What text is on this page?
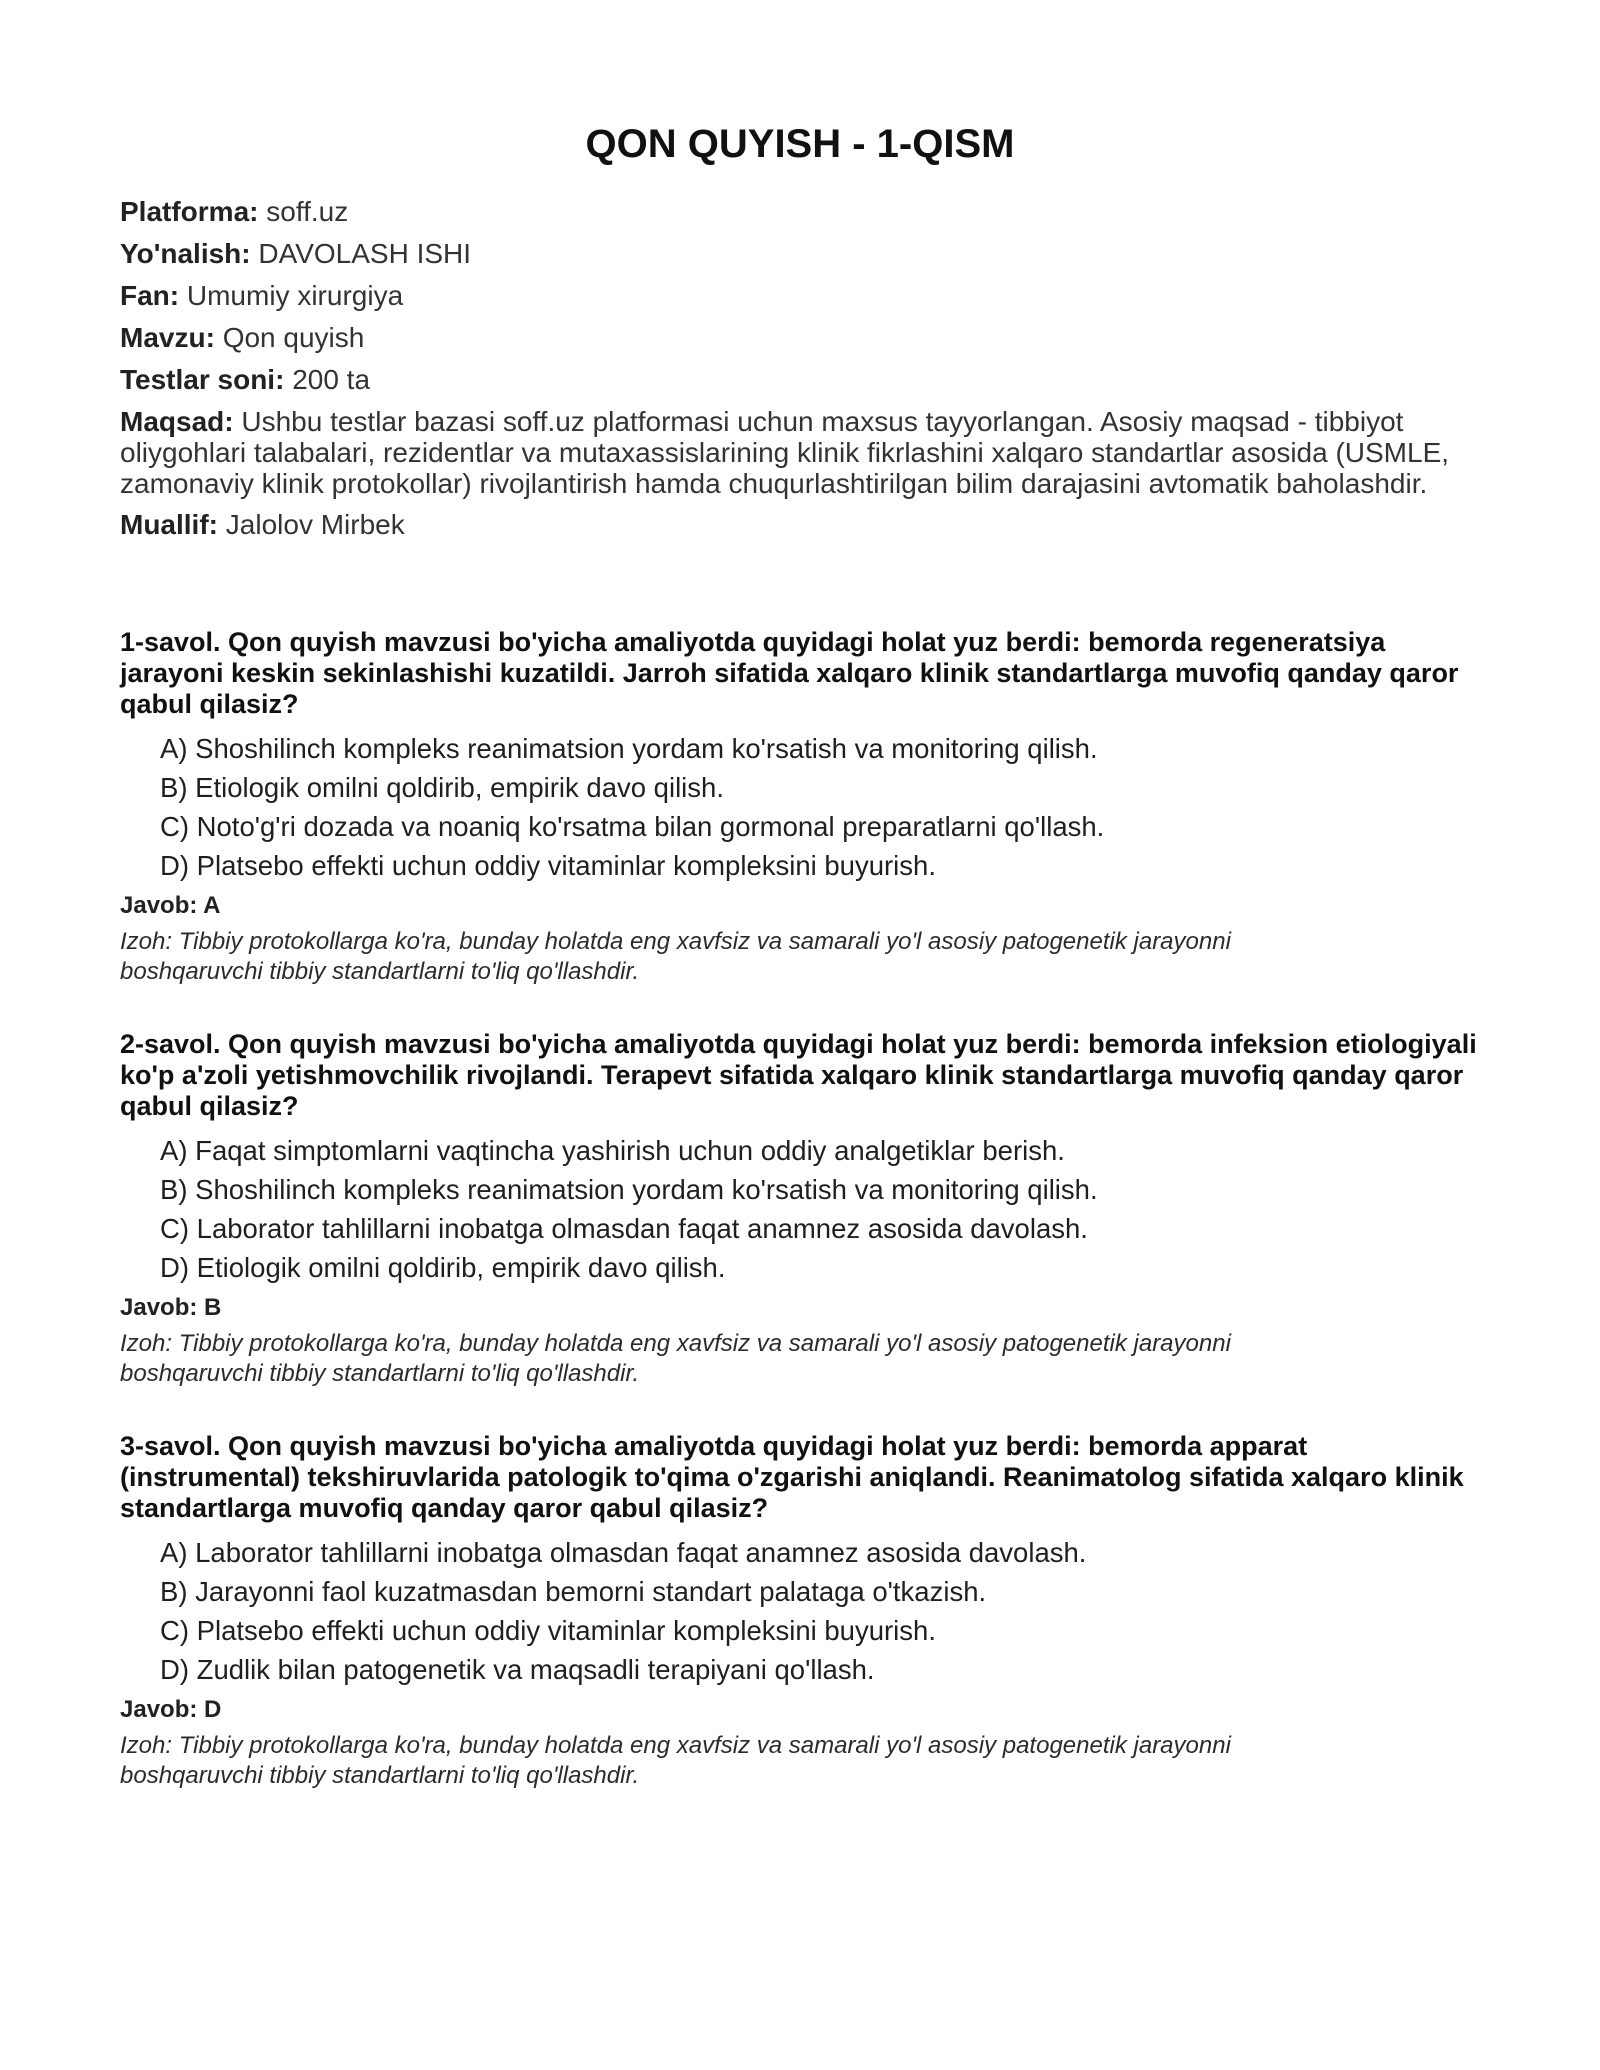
QON QUYISH - 1-QISM

Platforma: soff.uz

Yo'nalish: DAVOLASH ISHI

Fan: Umumiy xirurgiya

Mavzu: Qon quyish

Testlar soni: 200 ta

Maqsad: Ushbu testlar bazasi soff.uz platformasi uchun maxsus tayyorlangan. Asosiy maqsad - tibbiyot oliygohlari talabalari, rezidentlar va mutaxassislarining klinik fikrlashini xalqaro standartlar asosida (USMLE, zamonaviy klinik protokollar) rivojlantirish hamda chuqurlashtirilgan bilim darajasini avtomatik baholashdir.

Muallif: Jalolov Mirbek

1-savol. Qon quyish mavzusi bo'yicha amaliyotda quyidagi holat yuz berdi: bemorda regeneratsiya jarayoni keskin sekinlashishi kuzatildi. Jarroh sifatida xalqaro klinik standartlarga muvofiq qanday qaror qabul qilasiz?

A) Shoshilinch kompleks reanimatsion yordam ko'rsatish va monitoring qilish.
B) Etiologik omilni qoldirib, empirik davo qilish.
C) Noto'g'ri dozada va noaniq ko'rsatma bilan gormonal preparatlarni qo'llash.
D) Platsebo effekti uchun oddiy vitaminlar kompleksini buyurish.

Javob: A

Izoh: Tibbiy protokollarga ko'ra, bunday holatda eng xavfsiz va samarali yo'l asosiy patogenetik jarayonni boshqaruvchi tibbiy standartlarni to'liq qo'llashdir.

2-savol. Qon quyish mavzusi bo'yicha amaliyotda quyidagi holat yuz berdi: bemorda infeksion etiologiyali ko'p a'zoli yetishmovchilik rivojlandi. Terapevt sifatida xalqaro klinik standartlarga muvofiq qanday qaror qabul qilasiz?

A) Faqat simptomlarni vaqtincha yashirish uchun oddiy analgetiklar berish.
B) Shoshilinch kompleks reanimatsion yordam ko'rsatish va monitoring qilish.
C) Laborator tahlillarni inobatga olmasdan faqat anamnez asosida davolash.
D) Etiologik omilni qoldirib, empirik davo qilish.

Javob: B

Izoh: Tibbiy protokollarga ko'ra, bunday holatda eng xavfsiz va samarali yo'l asosiy patogenetik jarayonni boshqaruvchi tibbiy standartlarni to'liq qo'llashdir.

3-savol. Qon quyish mavzusi bo'yicha amaliyotda quyidagi holat yuz berdi: bemorda apparat (instrumental) tekshiruvlarida patologik to'qima o'zgarishi aniqlandi. Reanimatolog sifatida xalqaro klinik standartlarga muvofiq qanday qaror qabul qilasiz?

A) Laborator tahlillarni inobatga olmasdan faqat anamnez asosida davolash.
B) Jarayonni faol kuzatmasdan bemorni standart palataga o'tkazish.
C) Platsebo effekti uchun oddiy vitaminlar kompleksini buyurish.
D) Zudlik bilan patogenetik va maqsadli terapiyani qo'llash.

Javob: D

Izoh: Tibbiy protokollarga ko'ra, bunday holatda eng xavfsiz va samarali yo'l asosiy patogenetik jarayonni boshqaruvchi tibbiy standartlarni to'liq qo'llashdir.
